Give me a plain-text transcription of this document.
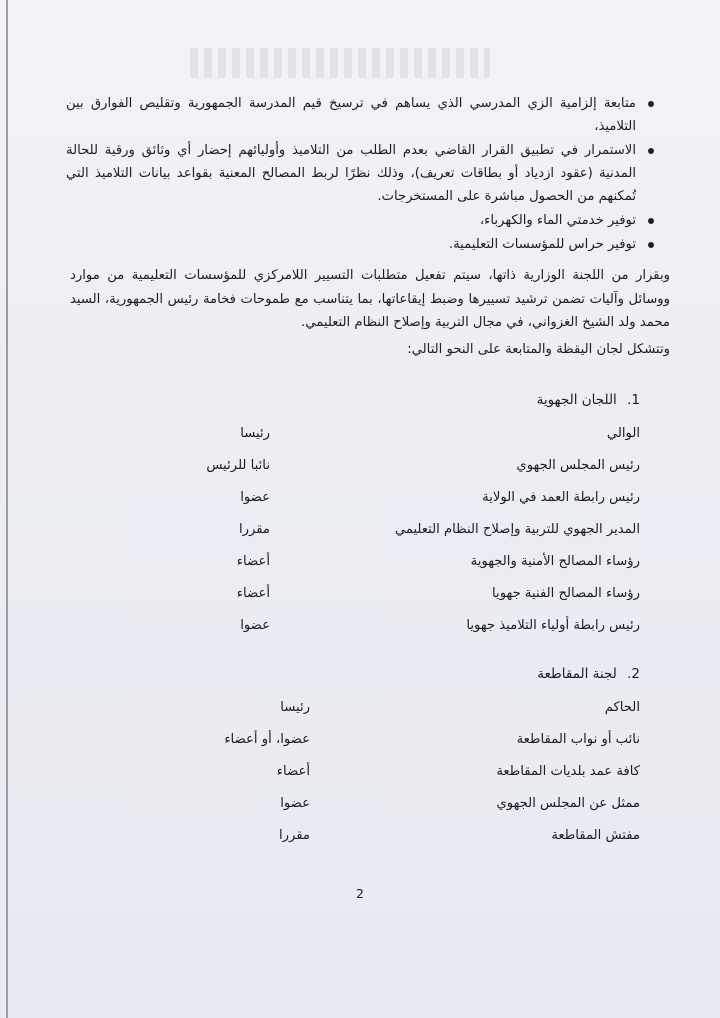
متابعة إلزامية الزي المدرسي الذي يساهم في ترسيخ قيم المدرسة الجمهورية وتقليص الفوارق بين التلاميذ،
الاستمرار في تطبيق القرار القاضي بعدم الطلب من التلاميذ وأوليائهم إحضار أي وثائق ورقية للحالة المدنية (عقود ازدياد أو بطاقات تعريف)، وذلك نظرًا لربط المصالح المعنية بقواعد بيانات التلاميذ التي تُمكنهم من الحصول مباشرة على المستخرجات.
توفير خدمتي الماء والكهرباء،
توفير حراس للمؤسسات التعليمية.

وبقرار من اللجنة الوزارية ذاتها، سيتم تفعيل متطلبات التسيير اللامركزي للمؤسسات التعليمية من موارد ووسائل وآليات تضمن ترشيد تسييرها وضبط إيقاعاتها، بما يتناسب مع طموحات فخامة رئيس الجمهورية، السيد محمد ولد الشيخ الغزواني، في مجال التربية وإصلاح النظام التعليمي.

وتتشكل لجان اليقظة والمتابعة على النحو التالي:

1. اللجان الجهوية
الوالي
رئيسا
رئيس المجلس الجهوي
نائبا للرئيس
رئيس رابطة العمد في الولاية
عضوا
المدير الجهوي للتربية وإصلاح النظام التعليمي
مقررا
رؤساء المصالح الأمنية والجهوية
أعضاء
رؤساء المصالح الفنية جهويا
أعضاء
رئيس رابطة أولياء التلاميذ جهويا
عضوا
2. لجنة المقاطعة
الحاكم
رئيسا
نائب أو نواب المقاطعة
عضوا، أو أعضاء
كافة عمد بلديات المقاطعة
أعضاء
ممثل عن المجلس الجهوي
عضوا
مفتش المقاطعة
مقررا
2
